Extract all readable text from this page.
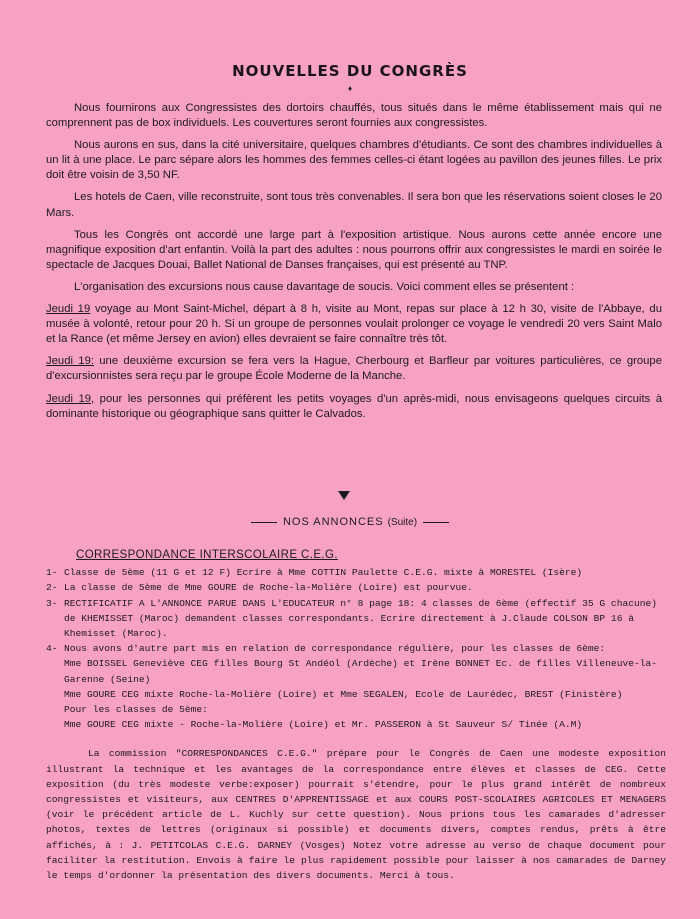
NOUVELLES DU CONGRÈS
♦

Nous fournirons aux Congressistes des dortoirs chauffés, tous situés dans le même établissement mais qui ne comprennent pas de box individuels. Les couvertures seront fournies aux congressistes.

Nous aurons en sus, dans la cité universitaire, quelques chambres d'étudiants. Ce sont des chambres individuelles à un lit à une place. Le parc sépare alors les hommes des femmes celles-ci étant logées au pavillon des jeunes filles. Le prix doit être voisin de 3,50 NF.

Les hotels de Caen, ville reconstruite, sont tous très convenables. Il sera bon que les réservations soient closes le 20 Mars.

Tous les Congrès ont accordé une large part à l'exposition artistique. Nous aurons cette année encore une magnifique exposition d'art enfantin. Voilà la part des adultes : nous pourrons offrir aux congressistes le mardi en soirée le spectacle de Jacques Douai, Ballet National de Danses françaises, qui est présenté au TNP.

L'organisation des excursions nous cause davantage de soucis. Voici comment elles se présentent :

Jeudi 19 voyage au Mont Saint-Michel, départ à 8 h, visite au Mont, repas sur place à 12 h 30, visite de l'Abbaye, du musée à volonté, retour pour 20 h. Si un groupe de personnes voulait prolonger ce voyage le vendredi 20 vers Saint Malo et la Rance (et même Jersey en avion) elles devraient se faire connaître très tôt.

Jeudi 19: une deuxième excursion se fera vers la Hague, Cherbourg et Barfleur par voitures particulières, ce groupe d'excursionnistes sera reçu par le groupe École Moderne de la Manche.

Jeudi 19, pour les personnes qui préfèrent les petits voyages d'un après-midi, nous envisageons quelques circuits à dominante historique ou géographique sans quitter le Calvados.

NOS ANNONCES (Suite)
CORRESPONDANCE INTERSCOLAIRE C.E.G.
1- Classe de 5ème (11 G et 12 F) Ecrire à Mme COTTIN Paulette C.E.G. mixte à MORESTEL (Isère)
2- La classe de 5ème de Mme GOURE de Roche-la-Molière (Loire) est pourvue.
3- RECTIFICATIF A L'ANNONCE PARUE DANS L'EDUCATEUR n° 8 page 18: 4 classes de 6ème (effectif 35 G chacune) de KHEMISSET (Maroc) demandent classes correspondants. Ecrire directement à J.Claude COLSON BP 16 à Khemisset (Maroc).
4- Nous avons d'autre part mis en relation de correspondance régulière, pour les classes de 6ème:
Mme BOISSEL Geneviève CEG filles Bourg St Andéol (Ardèche) et Irène BONNET Ec. de filles Villeneuve-la-Garenne (Seine)
Mme GOURE CEG mixte Roche-la-Molière (Loire) et Mme SEGALEN, Ecole de Laurédec, BREST (Finistère)
Pour les classes de 5ème:
Mme GOURE CEG mixte - Roche-la-Molière (Loire) et Mr. PASSERON à St Sauveur S/ Tinée (A.M)
La commission "CORRESPONDANCES C.E.G." prépare pour le Congrès de Caen une modeste exposition illustrant la technique et les avantages de la correspondance entre élèves et classes de CEG. Cette exposition (du très modeste verbe:exposer) pourrait s'étendre, pour le plus grand intérêt de nombreux congressistes et visiteurs, aux CENTRES D'APPRENTISSAGE et aux COURS POST-SCOLAIRES AGRICOLES ET MENAGERS (voir le précédent article de L. Kuchly sur cette question). Nous prions tous les camarades d'adresser photos, textes de lettres (originaux si possible) et documents divers, comptes rendus, prêts à être affichés, à : J. PETITCOLAS C.E.G. DARNEY (Vosges) Notez votre adresse au verso de chaque document pour faciliter la restitution. Envois à faire le plus rapidement possible pour laisser à nos camarades de Darney le temps d'ordonner la présentation des divers documents. Merci à tous.
